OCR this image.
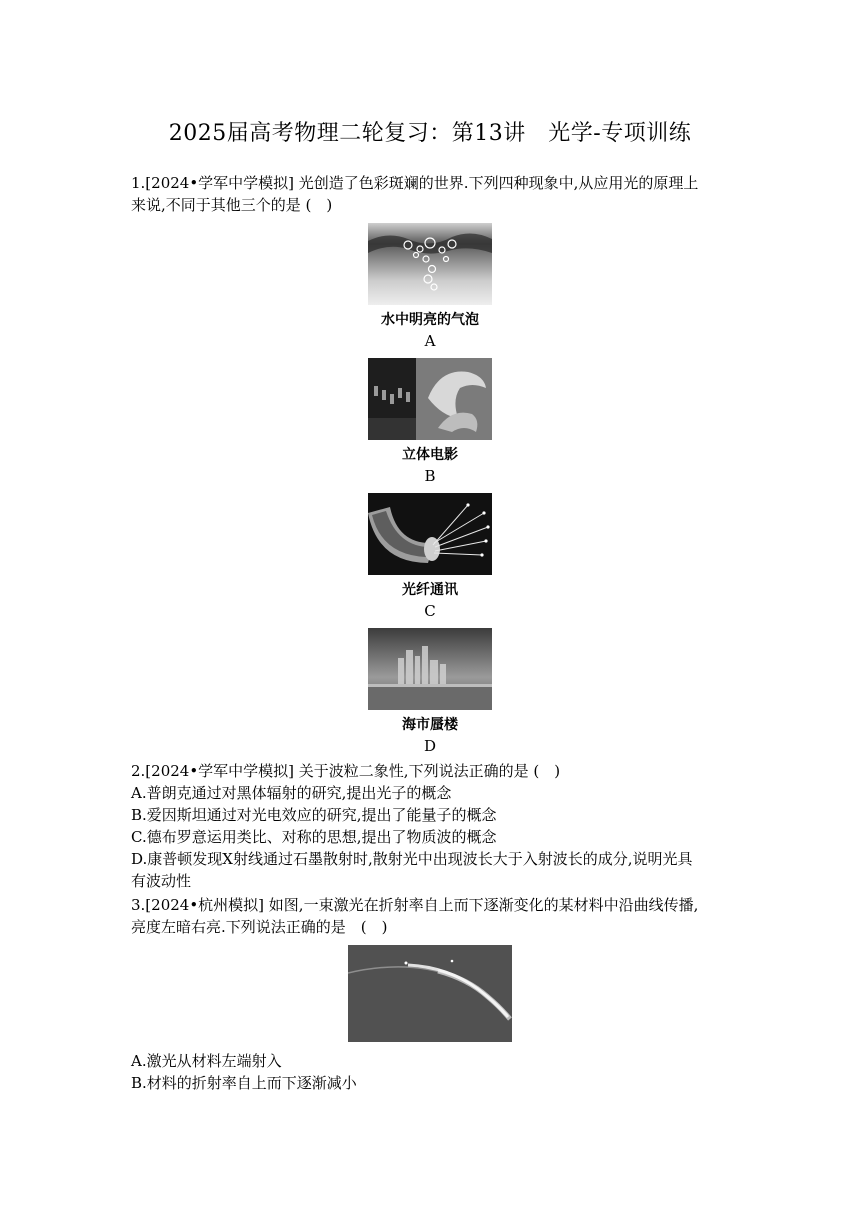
2025届高考物理二轮复习：第13讲　光学-专项训练
1.[2024•学军中学模拟] 光创造了色彩斑斓的世界.下列四种现象中,从应用光的原理上
来说,不同于其他三个的是 (　)
水中明亮的气泡
A
立体电影
B
光纤通讯
C
海市蜃楼
D
2.[2024•学军中学模拟] 关于波粒二象性,下列说法正确的是 (　)
A.普朗克通过对黑体辐射的研究,提出光子的概念
B.爱因斯坦通过对光电效应的研究,提出了能量子的概念
C.德布罗意运用类比、对称的思想,提出了物质波的概念
D.康普顿发现X射线通过石墨散射时,散射光中出现波长大于入射波长的成分,说明光具
有波动性
3.[2024•杭州模拟] 如图,一束激光在折射率自上而下逐渐变化的某材料中沿曲线传播,
亮度左暗右亮.下列说法正确的是　(　)
A.激光从材料左端射入
B.材料的折射率自上而下逐渐减小
